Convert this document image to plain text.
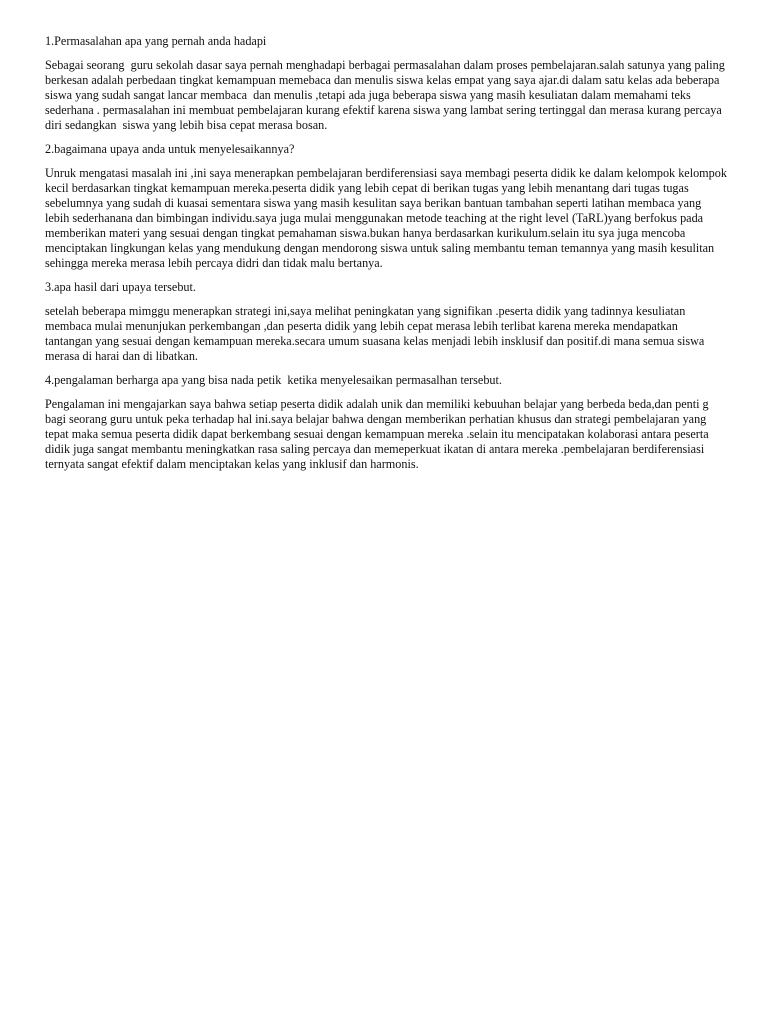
1.Permasalahan apa yang pernah anda hadapi

Sebagai seorang  guru sekolah dasar saya pernah menghadapi berbagai permasalahan dalam proses pembelajaran.salah satunya yang paling berkesan adalah perbedaan tingkat kemampuan memebaca dan menulis siswa kelas empat yang saya ajar.di dalam satu kelas ada beberapa siswa yang sudah sangat lancar membaca  dan menulis ,tetapi ada juga beberapa siswa yang masih kesuliatan dalam memahami teks sederhana . permasalahan ini membuat pembelajaran kurang efektif karena siswa yang lambat sering tertinggal dan merasa kurang percaya diri sedangkan  siswa yang lebih bisa cepat merasa bosan.

2.bagaimana upaya anda untuk menyelesaikannya?

Unruk mengatasi masalah ini ,ini saya menerapkan pembelajaran berdiferensiasi saya membagi peserta didik ke dalam kelompok kelompok kecil berdasarkan tingkat kemampuan mereka.peserta didik yang lebih cepat di berikan tugas yang lebih menantang dari tugas tugas sebelumnya yang sudah di kuasai sementara siswa yang masih kesulitan saya berikan bantuan tambahan seperti latihan membaca yang lebih sederhanana dan bimbingan individu.saya juga mulai menggunakan metode teaching at the right level (TaRL)yang berfokus pada memberikan materi yang sesuai dengan tingkat pemahaman siswa.bukan hanya berdasarkan kurikulum.selain itu sya juga mencoba menciptakan lingkungan kelas yang mendukung dengan mendorong siswa untuk saling membantu teman temannya yang masih kesulitan sehingga mereka merasa lebih percaya didri dan tidak malu bertanya.

3.apa hasil dari upaya tersebut.

setelah beberapa mimggu menerapkan strategi ini,saya melihat peningkatan yang signifikan .peserta didik yang tadinnya kesuliatan membaca mulai menunjukan perkembangan ,dan peserta didik yang lebih cepat merasa lebih terlibat karena mereka mendapatkan tantangan yang sesuai dengan kemampuan mereka.secara umum suasana kelas menjadi lebih insklusif dan positif.di mana semua siswa merasa di harai dan di libatkan.

4.pengalaman berharga apa yang bisa nada petik  ketika menyelesaikan permasalhan tersebut.

Pengalaman ini mengajarkan saya bahwa setiap peserta didik adalah unik dan memiliki kebuuhan belajar yang berbeda beda,dan penti g bagi seorang guru untuk peka terhadap hal ini.saya belajar bahwa dengan memberikan perhatian khusus dan strategi pembelajaran yang tepat maka semua peserta didik dapat berkembang sesuai dengan kemampuan mereka .selain itu mencipatakan kolaborasi antara peserta didik juga sangat membantu meningkatkan rasa saling percaya dan memeperkuat ikatan di antara mereka .pembelajaran berdiferensiasi ternyata sangat efektif dalam menciptakan kelas yang inklusif dan harmonis.
